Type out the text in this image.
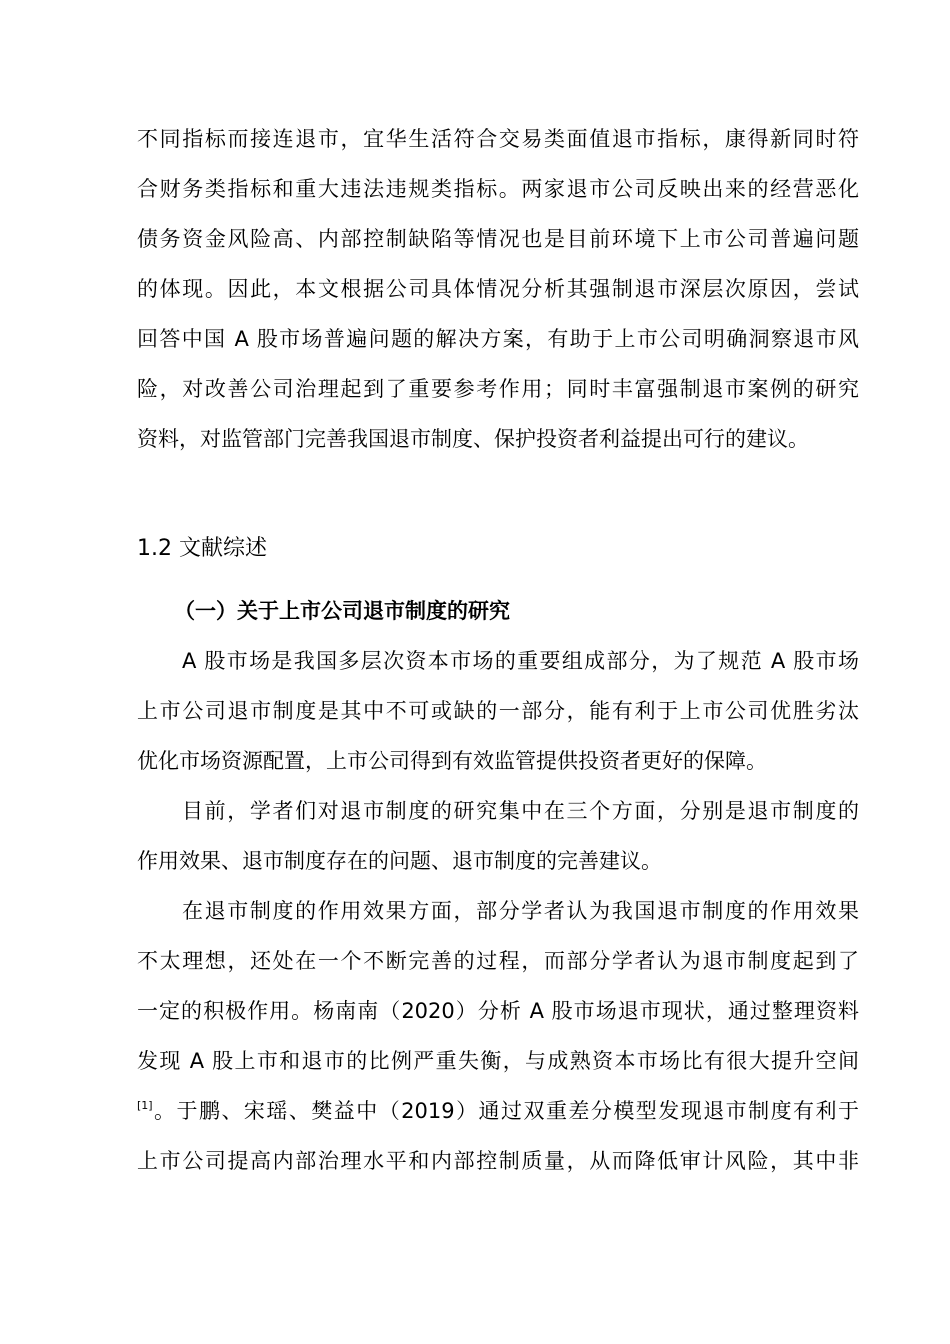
不同指标而接连退市，宜华生活符合交易类面值退市指标，康得新同时符
合财务类指标和重大违法违规类指标。两家退市公司反映出来的经营恶化
债务资金风险高、内部控制缺陷等情况也是目前环境下上市公司普遍问题
的体现。因此，本文根据公司具体情况分析其强制退市深层次原因，尝试
回答中国 A 股市场普遍问题的解决方案，有助于上市公司明确洞察退市风
险，对改善公司治理起到了重要参考作用；同时丰富强制退市案例的研究
资料，对监管部门完善我国退市制度、保护投资者利益提出可行的建议。
1.2 文献综述
（一）关于上市公司退市制度的研究
A 股市场是我国多层次资本市场的重要组成部分，为了规范 A 股市场
上市公司退市制度是其中不可或缺的一部分，能有利于上市公司优胜劣汰
优化市场资源配置，上市公司得到有效监管提供投资者更好的保障。
目前，学者们对退市制度的研究集中在三个方面，分别是退市制度的
作用效果、退市制度存在的问题、退市制度的完善建议。
在退市制度的作用效果方面，部分学者认为我国退市制度的作用效果
不太理想，还处在一个不断完善的过程，而部分学者认为退市制度起到了
一定的积极作用。杨南南（2020）分析 A 股市场退市现状，通过整理资料
发现 A 股上市和退市的比例严重失衡，与成熟资本市场比有很大提升空间
[1]。于鹏、宋瑶、樊益中（2019）通过双重差分模型发现退市制度有利于
上市公司提高内部治理水平和内部控制质量，从而降低审计风险，其中非
